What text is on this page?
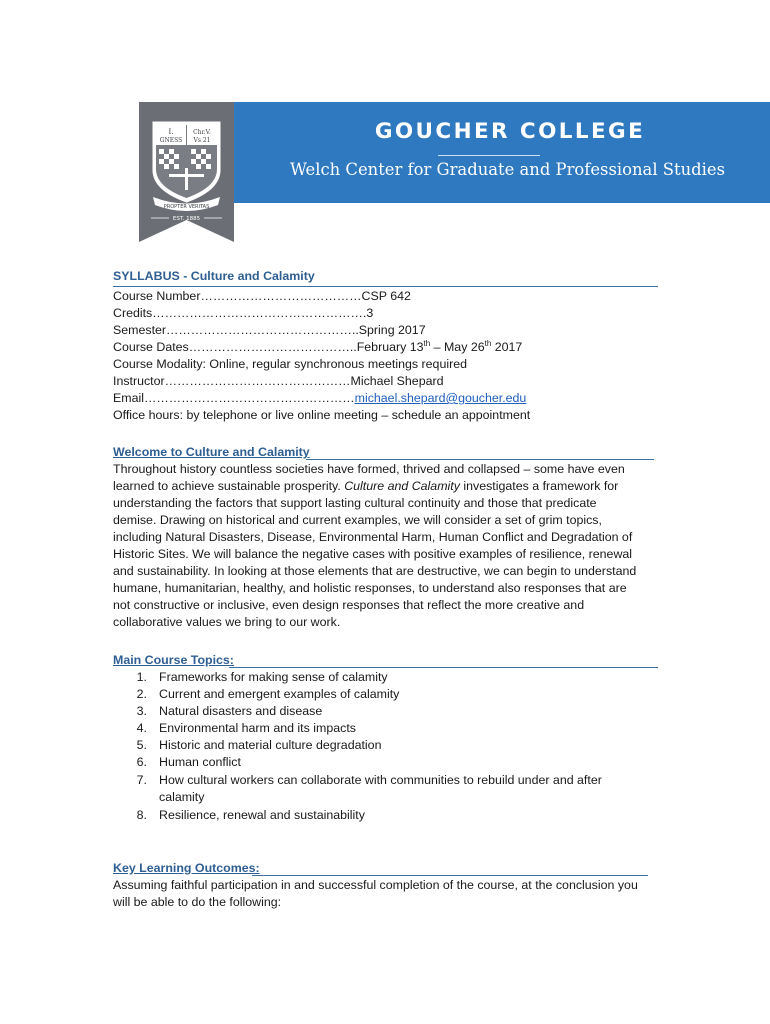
I.
GNESS
Chr.V.
Vs 21
PROPTER VERITAS
EST. 1885
GOUCHER COLLEGE
Welch Center for Graduate and Professional Studies
SYLLABUS - Culture and Calamity
Course Number…………………………………CSP 642
Credits…………………………………………….3
Semester………………………………………..Spring 2017
Course Dates…………………………………..February 13th – May 26th 2017
Course Modality: Online, regular synchronous meetings required
Instructor………………………………………Michael Shepard
Email……………………………………………michael.shepard@goucher.edu
Office hours: by telephone or live online meeting – schedule an appointment
Welcome to Culture and Calamity
Throughout history countless societies have formed, thrived and collapsed – some have even
learned to achieve sustainable prosperity. Culture and Calamity investigates a framework for
understanding the factors that support lasting cultural continuity and those that predicate
demise. Drawing on historical and current examples, we will consider a set of grim topics,
including Natural Disasters, Disease, Environmental Harm, Human Conflict and Degradation of
Historic Sites. We will balance the negative cases with positive examples of resilience, renewal
and sustainability. In looking at those elements that are destructive, we can begin to understand
humane, humanitarian, healthy, and holistic responses, to understand also responses that are
not constructive or inclusive, even design responses that reflect the more creative and
collaborative values we bring to our work.
Main Course Topics:
1. Frameworks for making sense of calamity
2. Current and emergent examples of calamity
3. Natural disasters and disease
4. Environmental harm and its impacts
5. Historic and material culture degradation
6. Human conflict
7. How cultural workers can collaborate with communities to rebuild under and after
calamity
8. Resilience, renewal and sustainability
Key Learning Outcomes:
Assuming faithful participation in and successful completion of the course, at the conclusion you
will be able to do the following:
